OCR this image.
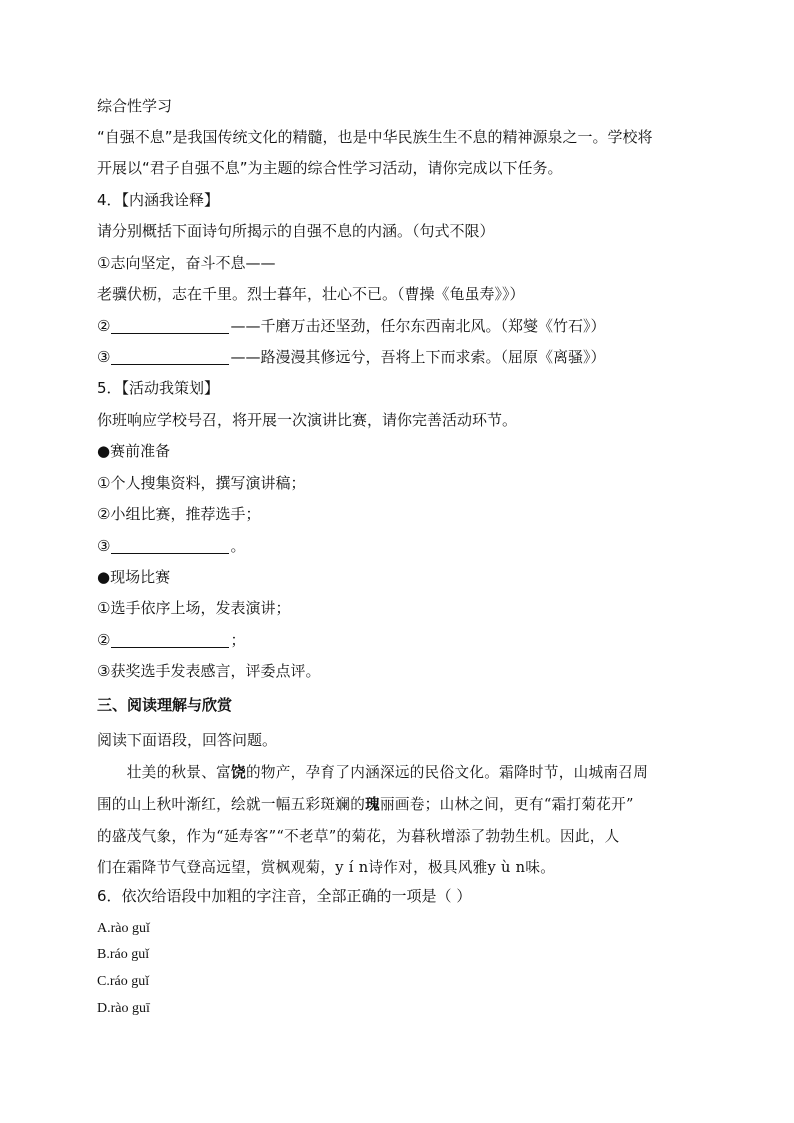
综合性学习
“自强不息”是我国传统文化的精髓，也是中华民族生生不息的精神源泉之一。学校将
开展以“君子自强不息”为主题的综合性学习活动，请你完成以下任务。
4．【内涵我诠释】
请分别概括下面诗句所揭示的自强不息的内涵。（句式不限）
①志向坚定，奋斗不息——
老骥伏枥，志在千里。烈士暮年，壮心不已。（曹操《龟虽寿》》）
②	——千磨万击还坚劲，任尔东西南北风。（郑燮《竹石》）
③	——路漫漫其修远兮，吾将上下而求索。（屈原《离骚》）
5．【活动我策划】
你班响应学校号召，将开展一次演讲比赛，请你完善活动环节。
●赛前准备
①个人搜集资料，撰写演讲稿；
②小组比赛，推荐选手；
③	。
●现场比赛
①选手依序上场，发表演讲；
②	；
③获奖选手发表感言，评委点评。
三、阅读理解与欣赏
阅读下面语段，回答问题。
　　壮美的秋景、富饶的物产，孕育了内涵深远的民俗文化。霜降时节，山城南召周
围的山上秋叶渐红，绘就一幅五彩斑斓的瑰丽画卷；山林之间，更有“霜打菊花开”
的盛茂气象，作为“延寿客”“不老草”的菊花，为暮秋增添了勃勃生机。因此，人
们在霜降节气登高远望，赏枫观菊，y í n诗作对，极具风雅y ù n味。
6．依次给语段中加粗的字注音，全部正确的一项是（ ）
A.rào guǐ
B.ráo guǐ
C.ráo guǐ
D.rào guī
